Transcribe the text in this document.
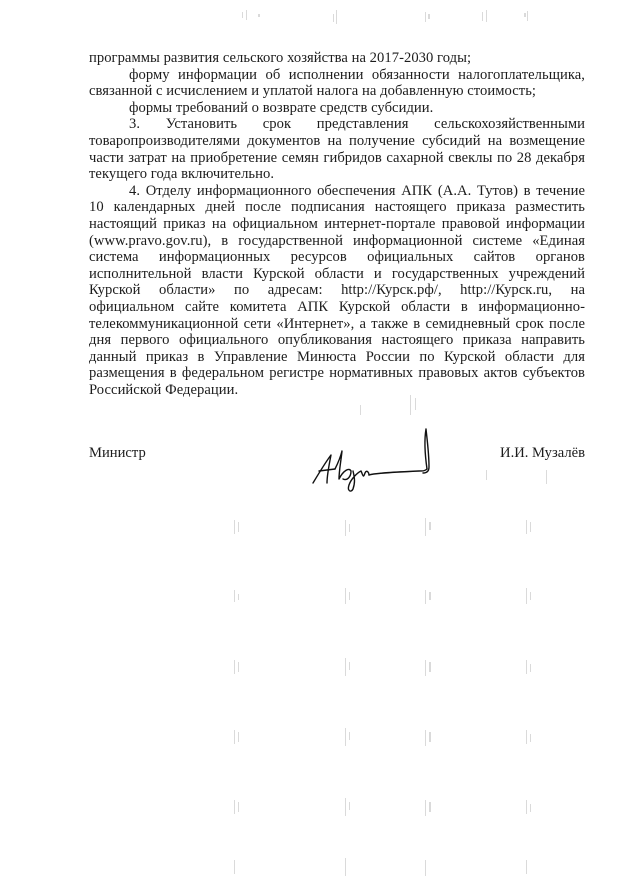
программы развития сельского хозяйства на 2017-2030 годы;

форму информации об исполнении обязанности налогоплательщика, связанной с исчислением и уплатой налога на добавленную стоимость;

формы требований о возврате средств субсидии.

3. Установить срок представления сельскохозяйственными товаропроизводителями документов на получение субсидий на возмещение части затрат на приобретение семян гибридов сахарной свеклы по 28 декабря текущего года включительно.

4. Отделу информационного обеспечения АПК (А.А. Тутов) в течение 10 календарных дней после подписания настоящего приказа разместить настоящий приказ на официальном интернет-портале правовой информации (www.pravo.gov.ru), в государственной информационной системе «Единая система информационных ресурсов официальных сайтов органов исполнительной власти Курской области и государственных учреждений Курской области» по адресам: http://Курск.рф/, http://Курск.ru, на официальном сайте комитета АПК Курской области в информационно-телекоммуникационной сети «Интернет», а также в семидневный срок после дня первого официального опубликования настоящего приказа направить данный приказ в Управление Минюста России по Курской области для размещения в федеральном регистре нормативных правовых актов субъектов Российской Федерации.

Министр	И.И. Музалёв
